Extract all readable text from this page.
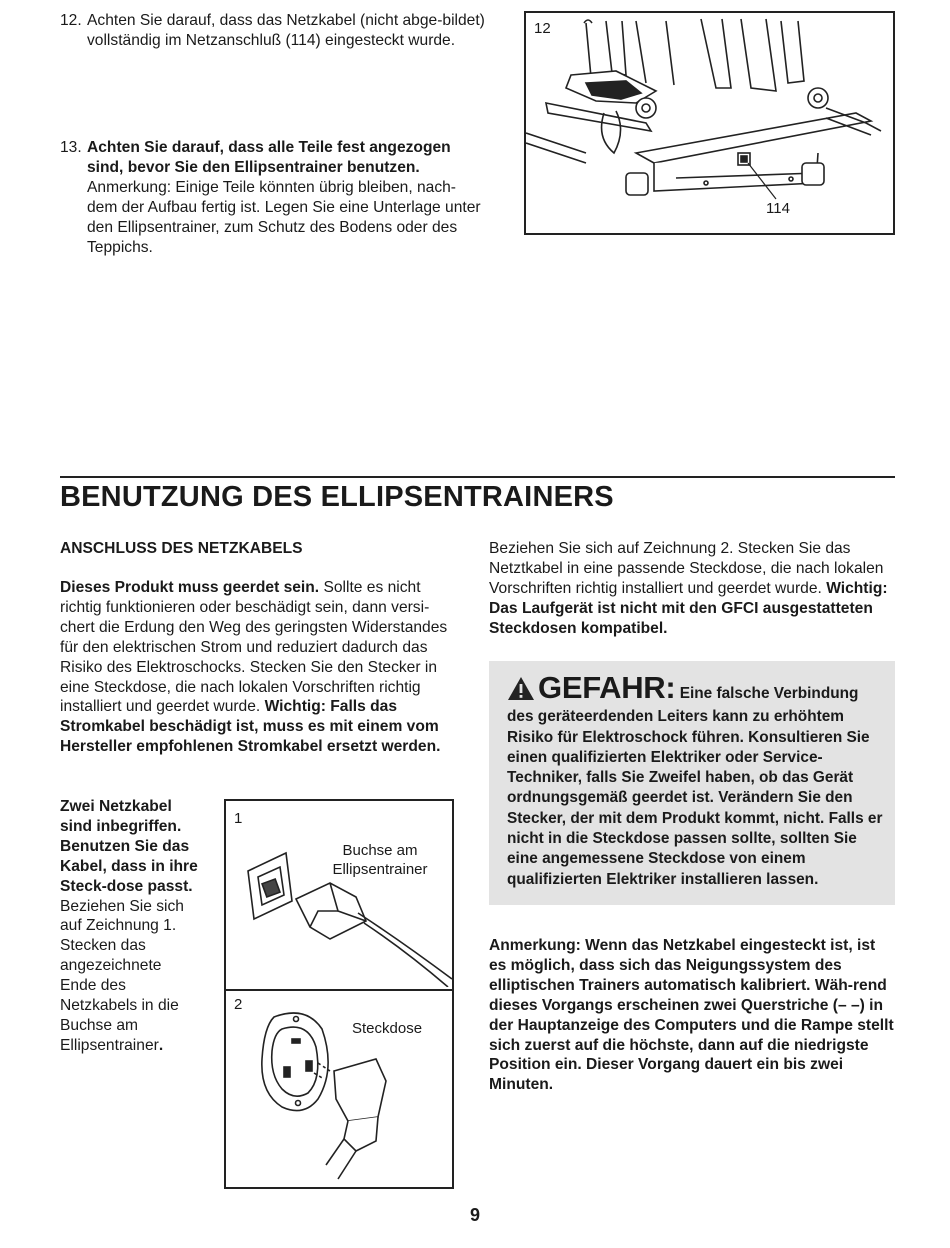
12. Achten Sie darauf, dass das Netzkabel (nicht abge-bildet) vollständig im Netzanschluß (114) eingesteckt wurde.
13. Achten Sie darauf, dass alle Teile fest angezogen sind, bevor Sie den Ellipsentrainer benutzen. Anmerkung: Einige Teile könnten übrig bleiben, nach-dem der Aufbau fertig ist. Legen Sie eine Unterlage unter den Ellipsentrainer, zum Schutz des Bodens oder des Teppichs.
12
114
BENUTZUNG DES ELLIPSENTRAINERS
ANSCHLUSS DES NETZKABELS
Dieses Produkt muss geerdet sein. Sollte es nicht richtig funktionieren oder beschädigt sein, dann versi-chert die Erdung den Weg des geringsten Widerstandes für den elektrischen Strom und reduziert dadurch das Risiko des Elektroschocks. Stecken Sie den Stecker in eine Steckdose, die nach lokalen Vorschriften richtig installiert und geerdet wurde. Wichtig: Falls das Stromkabel beschädigt ist, muss es mit einem vom Hersteller empfohlenen Stromkabel ersetzt werden.
Zwei Netzkabel sind inbegriffen. Benutzen Sie das Kabel, dass in ihre Steck-dose passt. Beziehen Sie sich auf Zeichnung 1. Stecken das angezeichnete Ende des Netzkabels in die Buchse am Ellipsentrainer.
1
Buchse am Ellipsentrainer
2
Steckdose
Beziehen Sie sich auf Zeichnung 2. Stecken Sie das Netztkabel in eine passende Steckdose, die nach lokalen Vorschriften richtig installiert und geerdet wurde. Wichtig: Das Laufgerät ist nicht mit den GFCI ausgestatteten Steckdosen kompatibel.
GEFAHR: Eine falsche Verbindung des geräteerdenden Leiters kann zu erhöhtem Risiko für Elektroschock führen. Konsultieren Sie einen qualifizierten Elektriker oder Service-Techniker, falls Sie Zweifel haben, ob das Gerät ordnungsgemäß geerdet ist. Verändern Sie den Stecker, der mit dem Produkt kommt, nicht. Falls er nicht in die Steckdose passen sollte, sollten Sie eine angemessene Steckdose von einem qualifizierten Elektriker installieren lassen.
Anmerkung: Wenn das Netzkabel eingesteckt ist, ist es möglich, dass sich das Neigungssystem des elliptischen Trainers automatisch kalibriert. Wäh-rend dieses Vorgangs erscheinen zwei Querstriche (– –) in der Hauptanzeige des Computers und die Rampe stellt sich zuerst auf die höchste, dann auf die niedrigste Position ein. Dieser Vorgang dauert ein bis zwei Minuten.
9
